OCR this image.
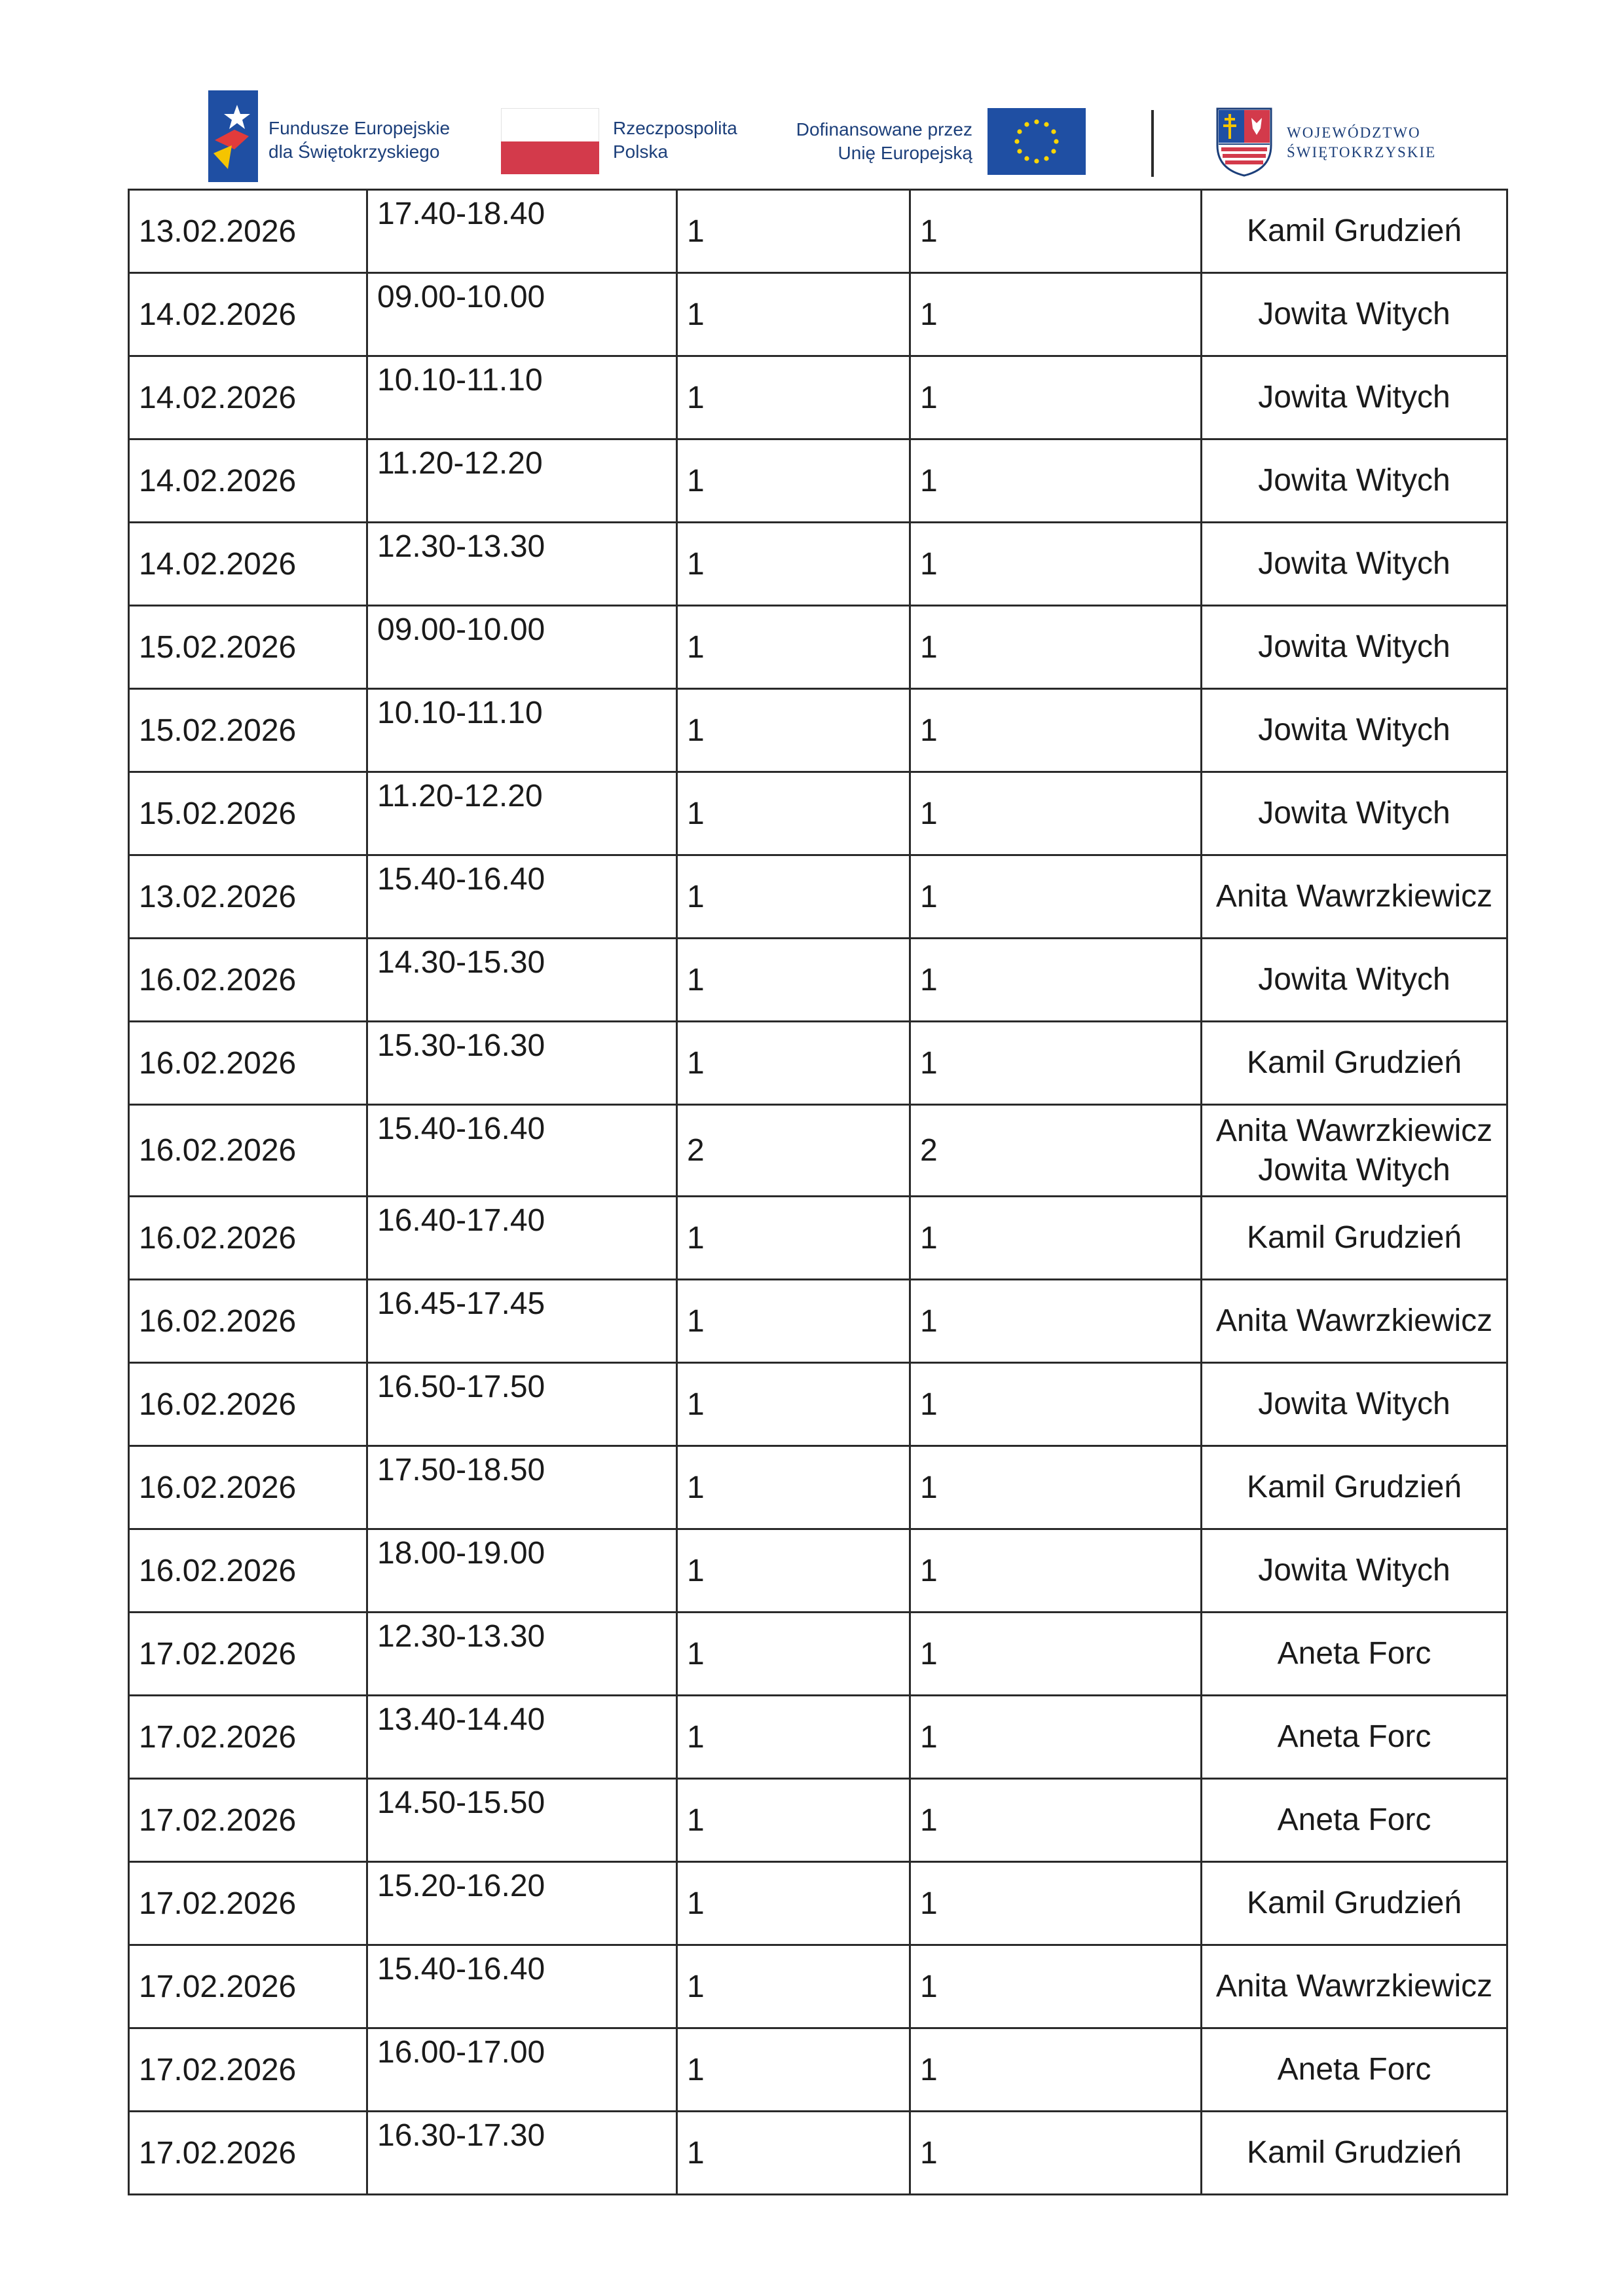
Fundusze Europejskie
dla Świętokrzyskiego
Rzeczpospolita
Polska
Dofinansowane przez
Unię Europejską
WOJEWÓDZTWO
ŚWIĘTOKRZYSKIE
13.02.2026	17.40-18.40	1	1	Kamil Grudzień

14.02.2026	09.00-10.00	1	1	Jowita Witych

14.02.2026	10.10-11.10	1	1	Jowita Witych

14.02.2026	11.20-12.20	1	1	Jowita Witych

14.02.2026	12.30-13.30	1	1	Jowita Witych

15.02.2026	09.00-10.00	1	1	Jowita Witych

15.02.2026	10.10-11.10	1	1	Jowita Witych

15.02.2026	11.20-12.20	1	1	Jowita Witych

13.02.2026	15.40-16.40	1	1	Anita Wawrzkiewicz

16.02.2026	14.30-15.30	1	1	Jowita Witych

16.02.2026	15.30-16.30	1	1	Kamil Grudzień

16.02.2026	15.40-16.40	2	2	Anita Wawrzkiewicz
Jowita Witych

16.02.2026	16.40-17.40	1	1	Kamil Grudzień

16.02.2026	16.45-17.45	1	1	Anita Wawrzkiewicz

16.02.2026	16.50-17.50	1	1	Jowita Witych

16.02.2026	17.50-18.50	1	1	Kamil Grudzień

16.02.2026	18.00-19.00	1	1	Jowita Witych

17.02.2026	12.30-13.30	1	1	Aneta Forc

17.02.2026	13.40-14.40	1	1	Aneta Forc

17.02.2026	14.50-15.50	1	1	Aneta Forc

17.02.2026	15.20-16.20	1	1	Kamil Grudzień

17.02.2026	15.40-16.40	1	1	Anita Wawrzkiewicz

17.02.2026	16.00-17.00	1	1	Aneta Forc

17.02.2026	16.30-17.30	1	1	Kamil Grudzień
